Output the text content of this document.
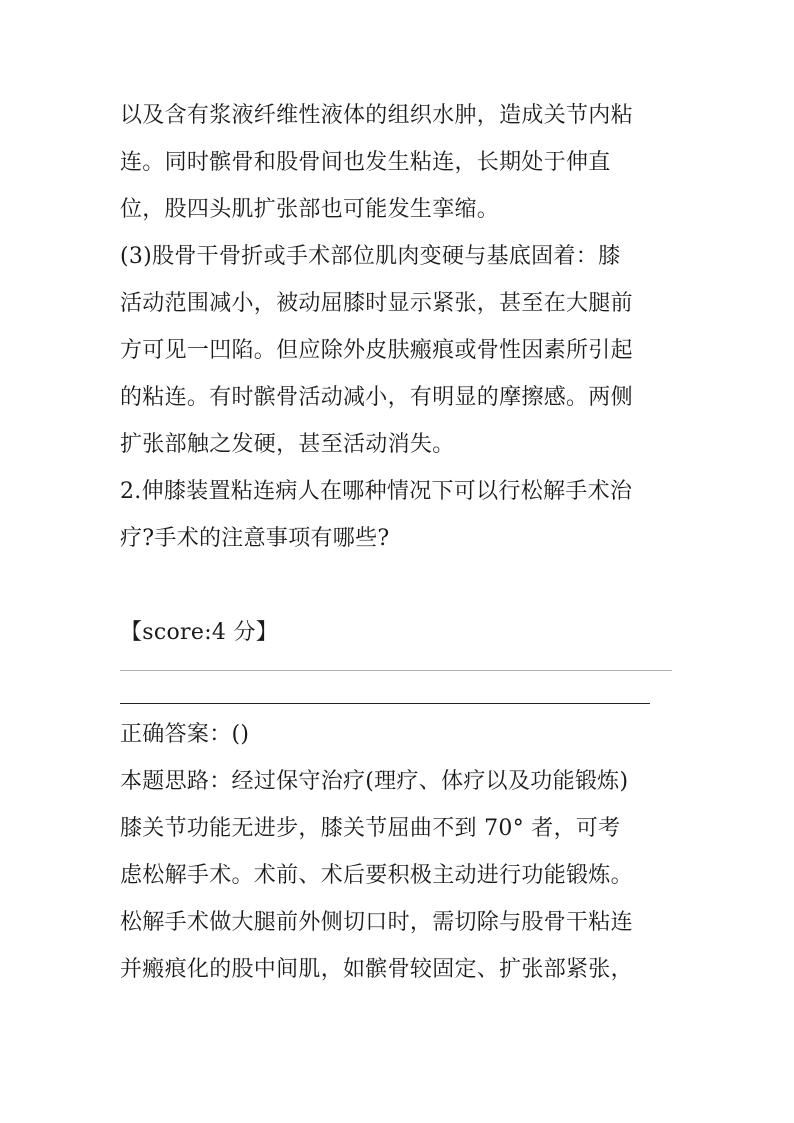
以及含有浆液纤维性液体的组织水肿，造成关节内粘
连。同时髌骨和股骨间也发生粘连，长期处于伸直
位，股四头肌扩张部也可能发生挛缩。
(3)股骨干骨折或手术部位肌肉变硬与基底固着：膝
活动范围减小，被动屈膝时显示紧张，甚至在大腿前
方可见一凹陷。但应除外皮肤瘢痕或骨性因素所引起
的粘连。有时髌骨活动减小，有明显的摩擦感。两侧
扩张部触之发硬，甚至活动消失。
2.伸膝装置粘连病人在哪种情况下可以行松解手术治
疗?手术的注意事项有哪些?
【score:4 分】
正确答案：()
本题思路：经过保守治疗(理疗、体疗以及功能锻炼)
膝关节功能无进步，膝关节屈曲不到 70° 者，可考
虑松解手术。术前、术后要积极主动进行功能锻炼。
松解手术做大腿前外侧切口时，需切除与股骨干粘连
并瘢痕化的股中间肌，如髌骨较固定、扩张部紧张，
